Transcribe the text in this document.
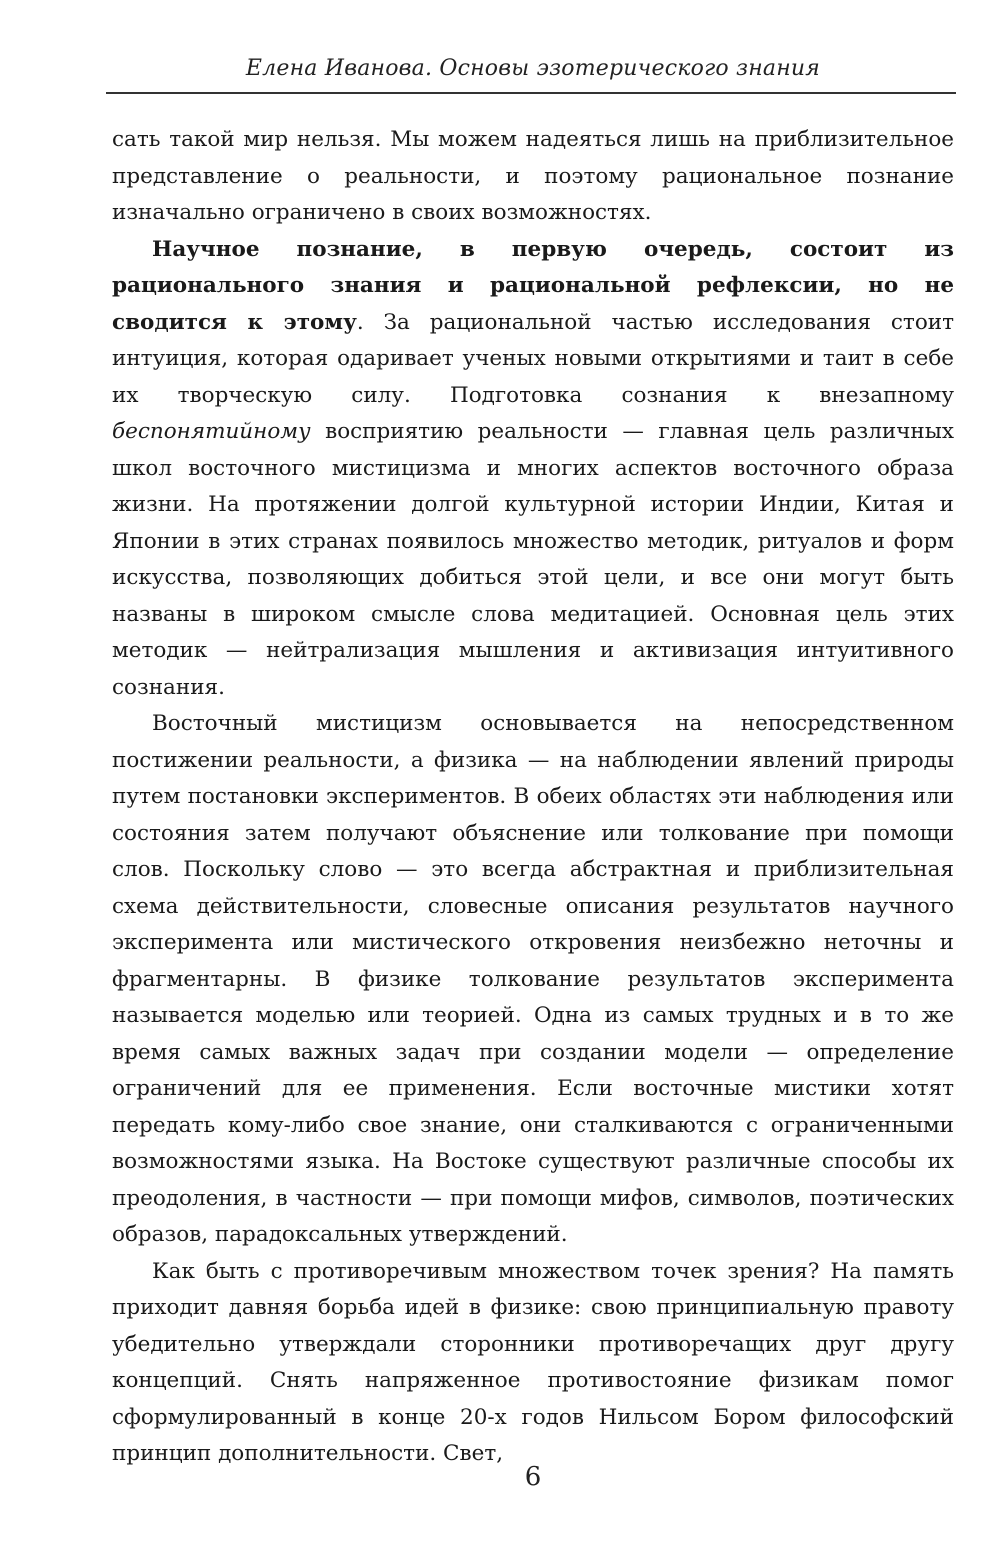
Елена Иванова. Основы эзотерического знания

сать такой мир нельзя. Мы можем надеяться лишь на приблизительное представление о реальности, и поэтому рациональное познание изначально ограничено в своих возможностях.

Научное познание, в первую очередь, состоит из рационального знания и рациональной рефлексии, но не сводится к этому. За рациональной частью исследования стоит интуиция, которая одаривает ученых новыми открытиями и таит в себе их творческую силу. Подготовка сознания к внезапному беспонятийному восприятию реальности — главная цель различных школ восточного мистицизма и многих аспектов восточного образа жизни. На протяжении долгой культурной истории Индии, Китая и Японии в этих странах появилось множество методик, ритуалов и форм искусства, позволяющих добиться этой цели, и все они могут быть названы в широком смысле слова медитацией. Основная цель этих методик — нейтрализация мышления и активизация интуитивного сознания.

Восточный мистицизм основывается на непосредственном постижении реальности, а физика — на наблюдении явлений природы путем постановки экспериментов. В обеих областях эти наблюдения или состояния затем получают объяснение или толкование при помощи слов. Поскольку слово — это всегда абстрактная и приблизительная схема действительности, словесные описания результатов научного эксперимента или мистического откровения неизбежно неточны и фрагментарны. В физике толкование результатов эксперимента называется моделью или теорией. Одна из самых трудных и в то же время самых важных задач при создании модели — определение ограничений для ее применения. Если восточные мистики хотят передать кому-либо свое знание, они сталкиваются с ограниченными возможностями языка. На Востоке существуют различные способы их преодоления, в частности — при помощи мифов, символов, поэтических образов, парадоксальных утверждений.

Как быть с противоречивым множеством точек зрения? На память приходит давняя борьба идей в физике: свою принципиальную правоту убедительно утверждали сторонники противоречащих друг другу концепций. Снять напряженное противостояние физикам помог сформулированный в конце 20-х годов Нильсом Бором философский принцип дополнительности. Свет,

6
